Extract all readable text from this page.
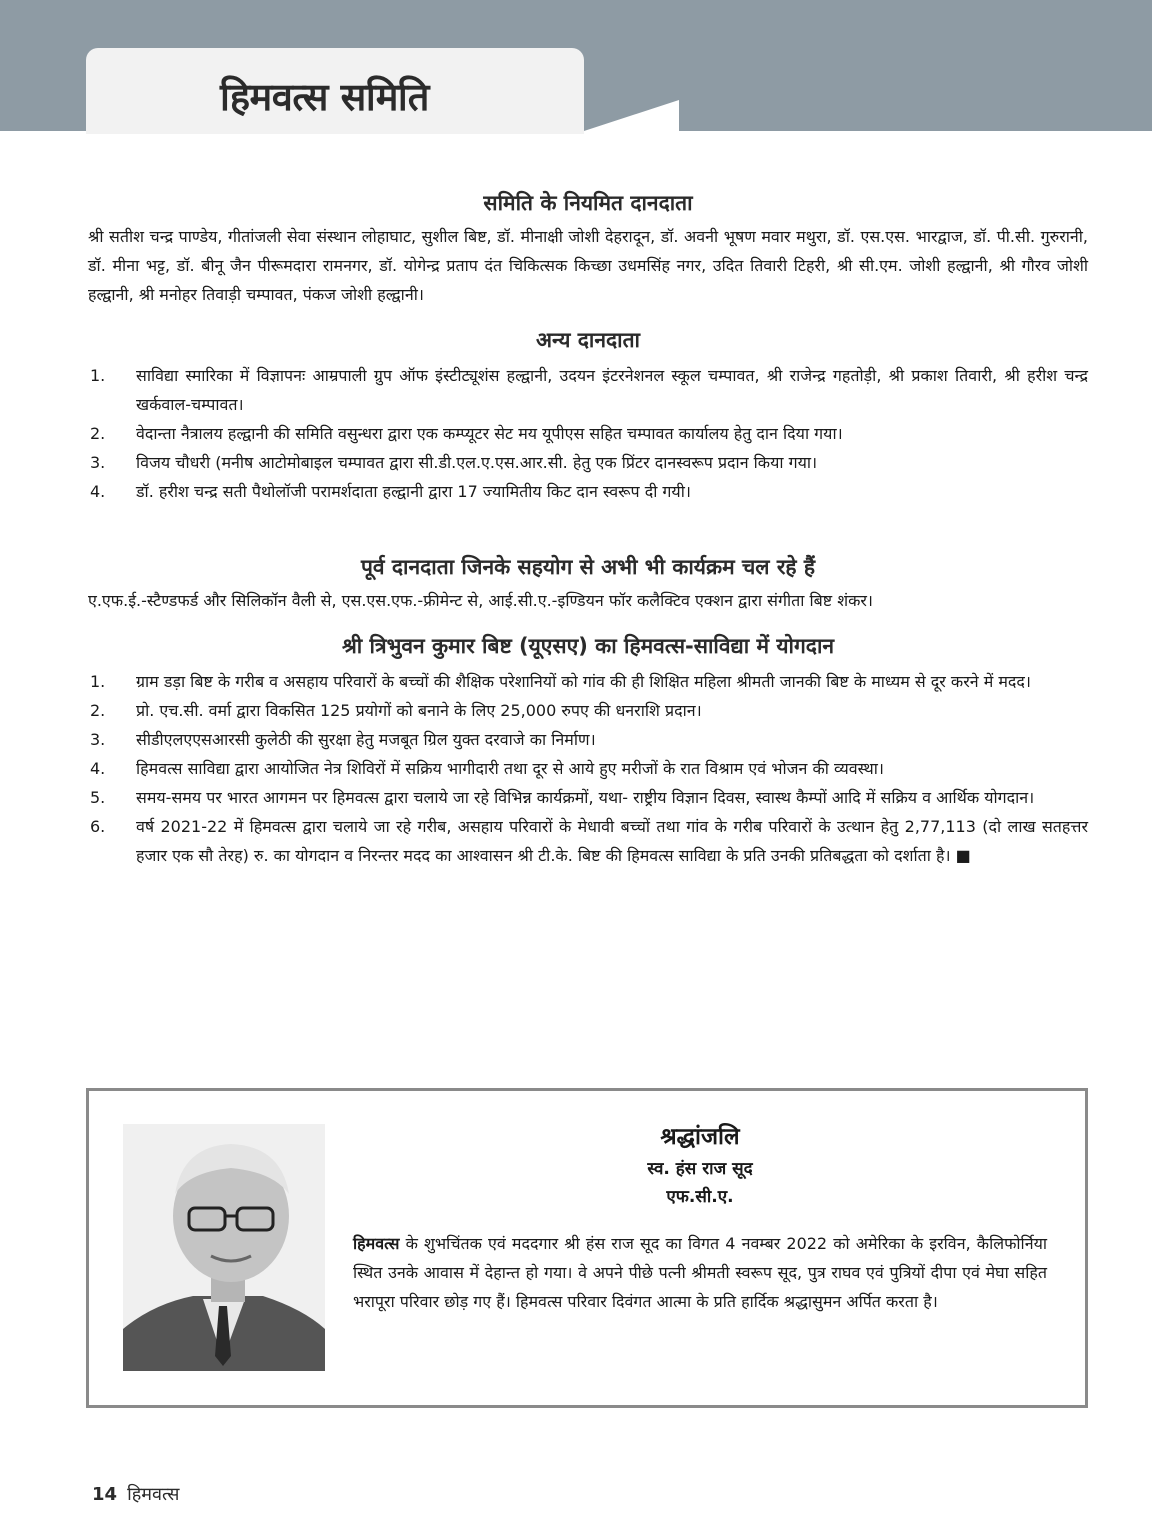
हिमवत्स समिति
समिति के नियमित दानदाता

श्री सतीश चन्द्र पाण्डेय, गीतांजली सेवा संस्थान लोहाघाट, सुशील बिष्ट, डॉ. मीनाक्षी जोशी देहरादून, डॉ. अवनी भूषण मवार मथुरा, डॉ. एस.एस. भारद्वाज, डॉ. पी.सी. गुरुरानी, डॉ. मीना भट्ट, डॉ. बीनू जैन पीरूमदारा रामनगर, डॉ. योगेन्द्र प्रताप दंत चिकित्सक किच्छा उधमसिंह नगर, उदित तिवारी टिहरी, श्री सी.एम. जोशी हल्द्वानी, श्री गौरव जोशी हल्द्वानी, श्री मनोहर तिवाड़ी चम्पावत, पंकज जोशी हल्द्वानी।

अन्य दानदाता
1. साविद्या स्मारिका में विज्ञापनः आम्रपाली ग्रुप ऑफ इंस्टीट्यूशंस हल्द्वानी, उदयन इंटरनेशनल स्कूल चम्पावत, श्री राजेन्द्र गहतोड़ी, श्री प्रकाश तिवारी, श्री हरीश चन्द्र खर्कवाल-चम्पावत।
2. वेदान्ता नैत्रालय हल्द्वानी की समिति वसुन्धरा द्वारा एक कम्प्यूटर सेट मय यूपीएस सहित चम्पावत कार्यालय हेतु दान दिया गया।
3. विजय चौधरी (मनीष आटोमोबाइल चम्पावत द्वारा सी.डी.एल.ए.एस.आर.सी. हेतु एक प्रिंटर दानस्वरूप प्रदान किया गया।
4. डॉ. हरीश चन्द्र सती पैथोलॉजी परामर्शदाता हल्द्वानी द्वारा 17 ज्यामितीय किट दान स्वरूप दी गयी।
पूर्व दानदाता जिनके सहयोग से अभी भी कार्यक्रम चल रहे हैं

ए.एफ.ई.-स्टैण्डफर्ड और सिलिकॉन वैली से, एस.एस.एफ.-फ्रीमेन्ट से, आई.सी.ए.-इण्डियन फॉर कलैक्टिव एक्शन द्वारा संगीता बिष्ट शंकर।

श्री त्रिभुवन कुमार बिष्ट (यूएसए) का हिमवत्स-साविद्या में योगदान
1. ग्राम डड़ा बिष्ट के गरीब व असहाय परिवारों के बच्चों की शैक्षिक परेशानियों को गांव की ही शिक्षित महिला श्रीमती जानकी बिष्ट के माध्यम से दूर करने में मदद।
2. प्रो. एच.सी. वर्मा द्वारा विकसित 125 प्रयोगों को बनाने के लिए 25,000 रुपए की धनराशि प्रदान।
3. सीडीएलएएसआरसी कुलेठी की सुरक्षा हेतु मजबूत ग्रिल युक्त दरवाजे का निर्माण।
4. हिमवत्स साविद्या द्वारा आयोजित नेत्र शिविरों में सक्रिय भागीदारी तथा दूर से आये हुए मरीजों के रात विश्राम एवं भोजन की व्यवस्था।
5. समय-समय पर भारत आगमन पर हिमवत्स द्वारा चलाये जा रहे विभिन्न कार्यक्रमों, यथा- राष्ट्रीय विज्ञान दिवस, स्वास्थ कैम्पों आदि में सक्रिय व आर्थिक योगदान।
6. वर्ष 2021-22 में हिमवत्स द्वारा चलाये जा रहे गरीब, असहाय परिवारों के मेधावी बच्चों तथा गांव के गरीब परिवारों के उत्थान हेतु 2,77,113 (दो लाख सतहत्तर हजार एक सौ तेरह) रु. का योगदान व निरन्तर मदद का आश्वासन श्री टी.के. बिष्ट की हिमवत्स साविद्या के प्रति उनकी प्रतिबद्धता को दर्शाता है। ■
श्रद्धांजलि
स्व. हंस राज सूद
एफ.सी.ए.

हिमवत्स के शुभचिंतक एवं मददगार श्री हंस राज सूद का विगत 4 नवम्बर 2022 को अमेरिका के इरविन, कैलिफोर्निया स्थित उनके आवास में देहान्त हो गया। वे अपने पीछे पत्नी श्रीमती स्वरूप सूद, पुत्र राघव एवं पुत्रियों दीपा एवं मेघा सहित भरापूरा परिवार छोड़ गए हैं। हिमवत्स परिवार दिवंगत आत्मा के प्रति हार्दिक श्रद्धासुमन अर्पित करता है।

14 हिमवत्स
